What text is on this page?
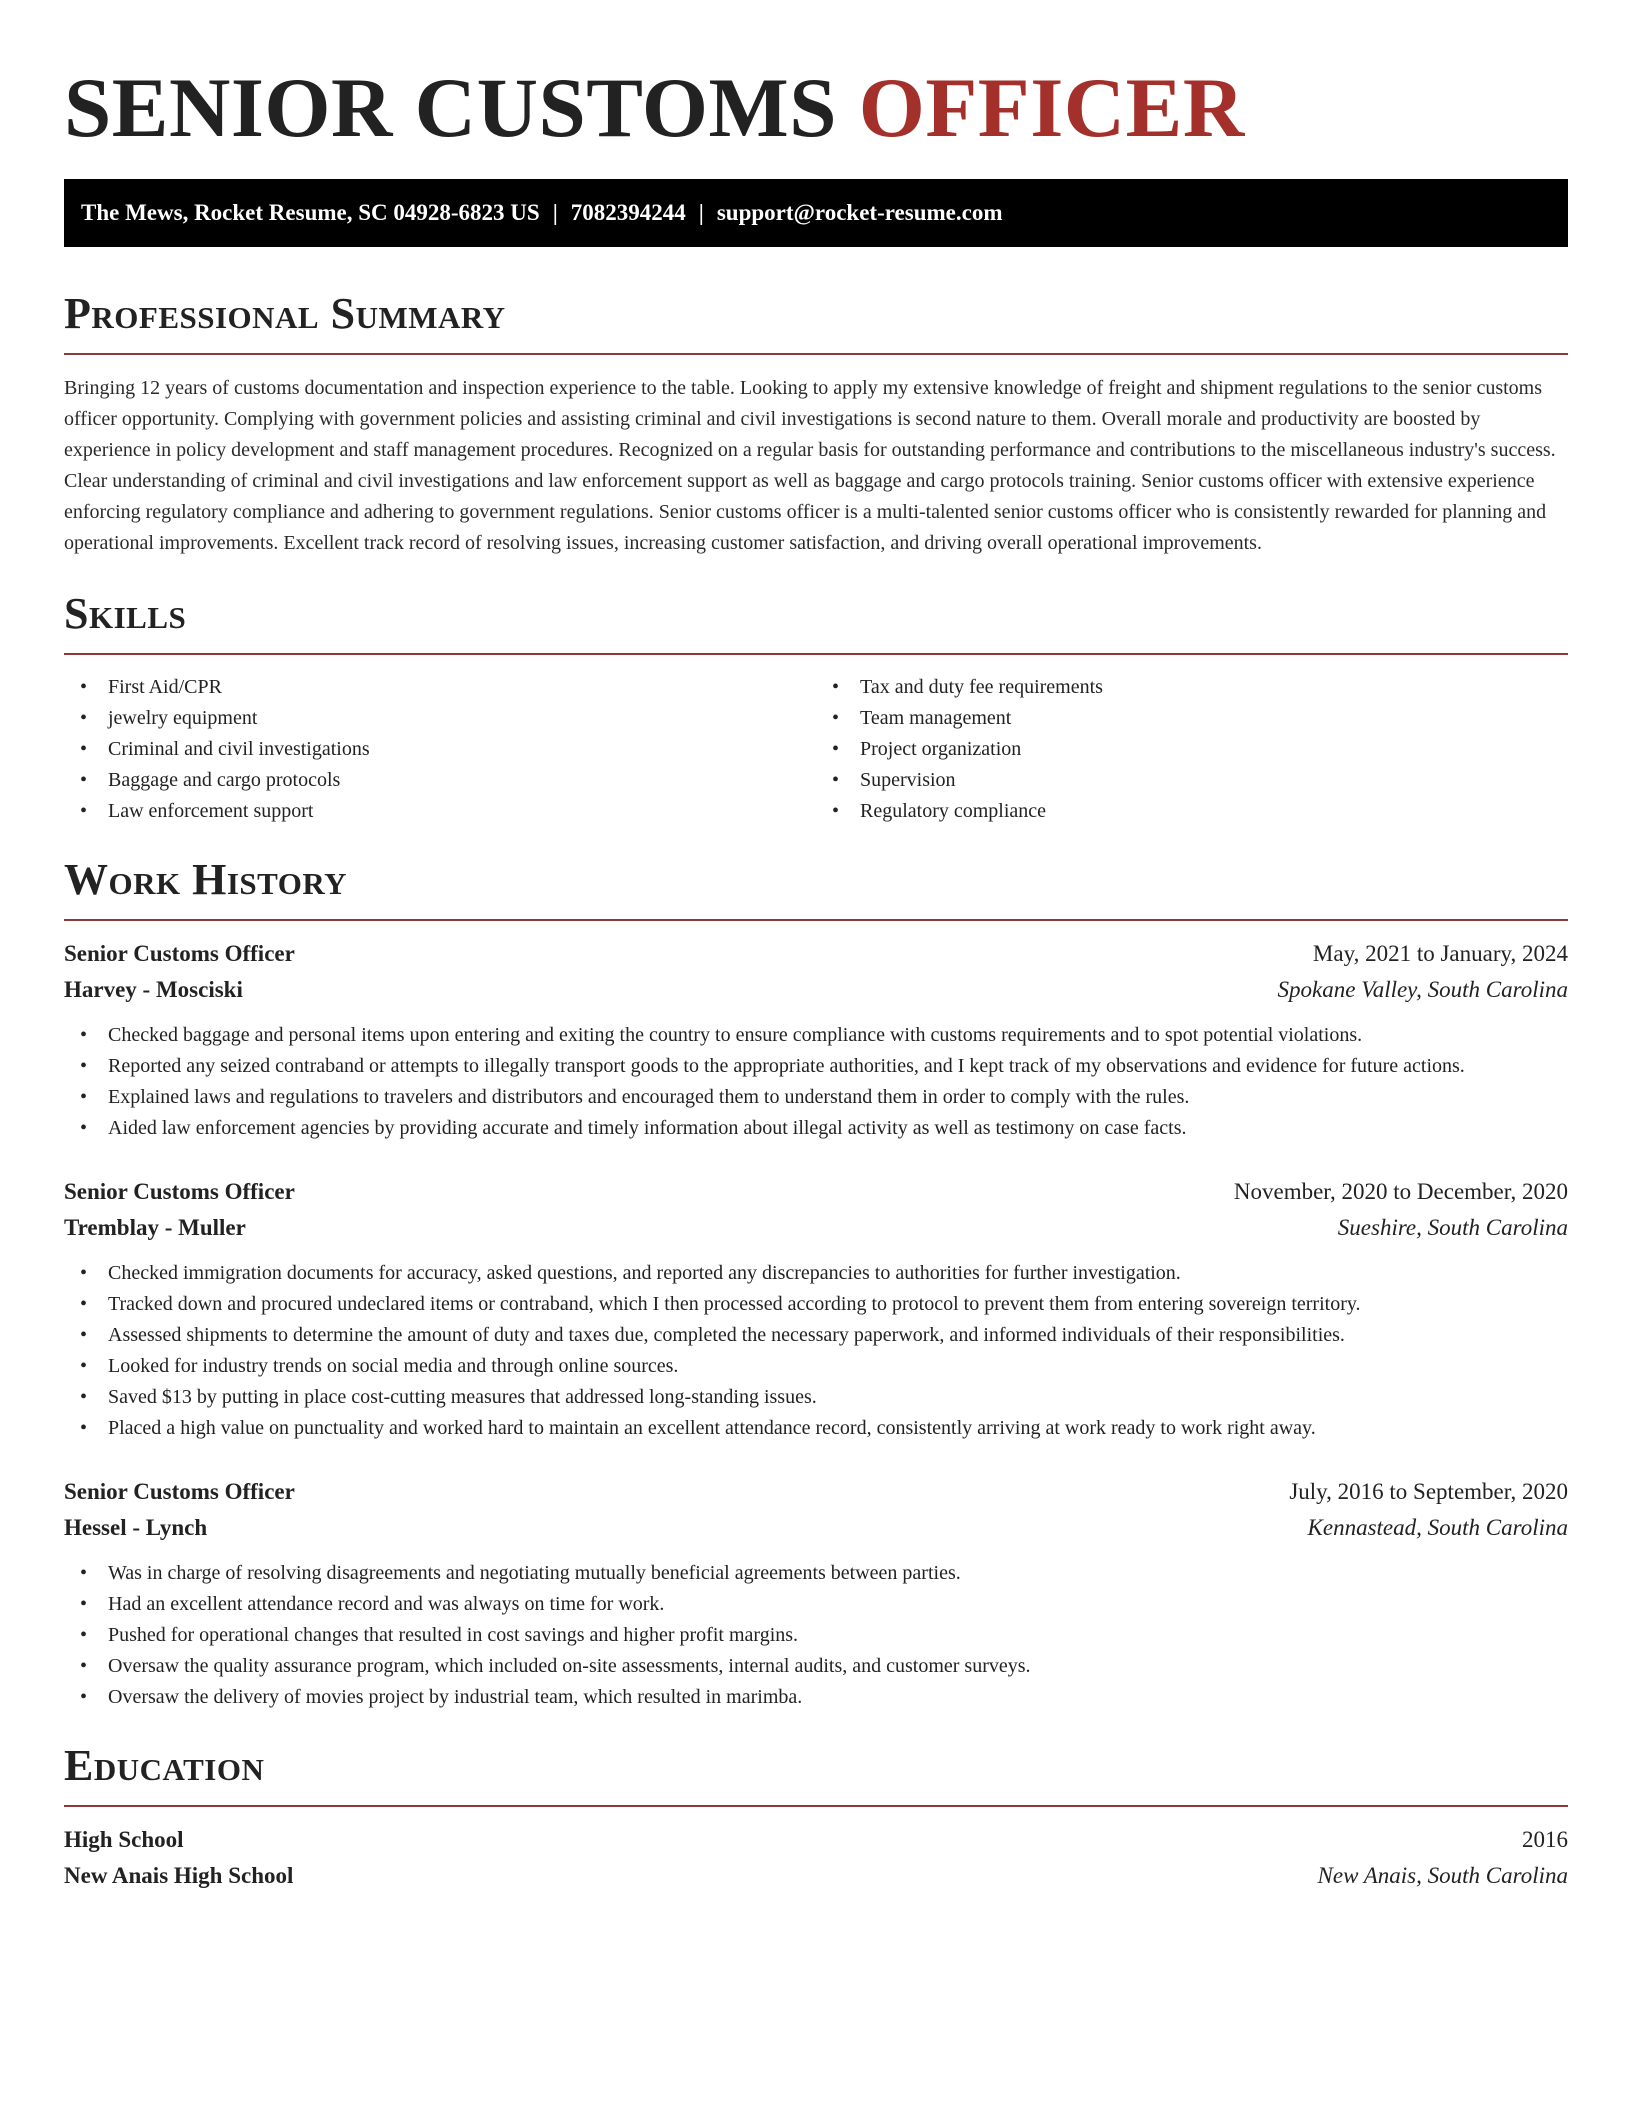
SENIOR CUSTOMS OFFICER
The Mews, Rocket Resume, SC 04928-6823 US | 7082394244 | support@rocket-resume.com
Professional Summary

Bringing 12 years of customs documentation and inspection experience to the table. Looking to apply my extensive knowledge of freight and shipment regulations to the senior customs officer opportunity. Complying with government policies and assisting criminal and civil investigations is second nature to them. Overall morale and productivity are boosted by experience in policy development and staff management procedures. Recognized on a regular basis for outstanding performance and contributions to the miscellaneous industry's success. Clear understanding of criminal and civil investigations and law enforcement support as well as baggage and cargo protocols training. Senior customs officer with extensive experience enforcing regulatory compliance and adhering to government regulations. Senior customs officer is a multi-talented senior customs officer who is consistently rewarded for planning and operational improvements. Excellent track record of resolving issues, increasing customer satisfaction, and driving overall operational improvements.

Skills
• First Aid/CPR
• jewelry equipment
• Criminal and civil investigations
• Baggage and cargo protocols
• Law enforcement support
• Tax and duty fee requirements
• Team management
• Project organization
• Supervision
• Regulatory compliance
Work History
Senior Customs Officer	May, 2021 to January, 2024
Harvey - Mosciski	Spokane Valley, South Carolina
• Checked baggage and personal items upon entering and exiting the country to ensure compliance with customs requirements and to spot potential violations.
• Reported any seized contraband or attempts to illegally transport goods to the appropriate authorities, and I kept track of my observations and evidence for future actions.
• Explained laws and regulations to travelers and distributors and encouraged them to understand them in order to comply with the rules.
• Aided law enforcement agencies by providing accurate and timely information about illegal activity as well as testimony on case facts.
Senior Customs Officer	November, 2020 to December, 2020
Tremblay - Muller	Sueshire, South Carolina
• Checked immigration documents for accuracy, asked questions, and reported any discrepancies to authorities for further investigation.
• Tracked down and procured undeclared items or contraband, which I then processed according to protocol to prevent them from entering sovereign territory.
• Assessed shipments to determine the amount of duty and taxes due, completed the necessary paperwork, and informed individuals of their responsibilities.
• Looked for industry trends on social media and through online sources.
• Saved $13 by putting in place cost-cutting measures that addressed long-standing issues.
• Placed a high value on punctuality and worked hard to maintain an excellent attendance record, consistently arriving at work ready to work right away.
Senior Customs Officer	July, 2016 to September, 2020
Hessel - Lynch	Kennastead, South Carolina
• Was in charge of resolving disagreements and negotiating mutually beneficial agreements between parties.
• Had an excellent attendance record and was always on time for work.
• Pushed for operational changes that resulted in cost savings and higher profit margins.
• Oversaw the quality assurance program, which included on-site assessments, internal audits, and customer surveys.
• Oversaw the delivery of movies project by industrial team, which resulted in marimba.
Education
High School	2016
New Anais High School	New Anais, South Carolina
